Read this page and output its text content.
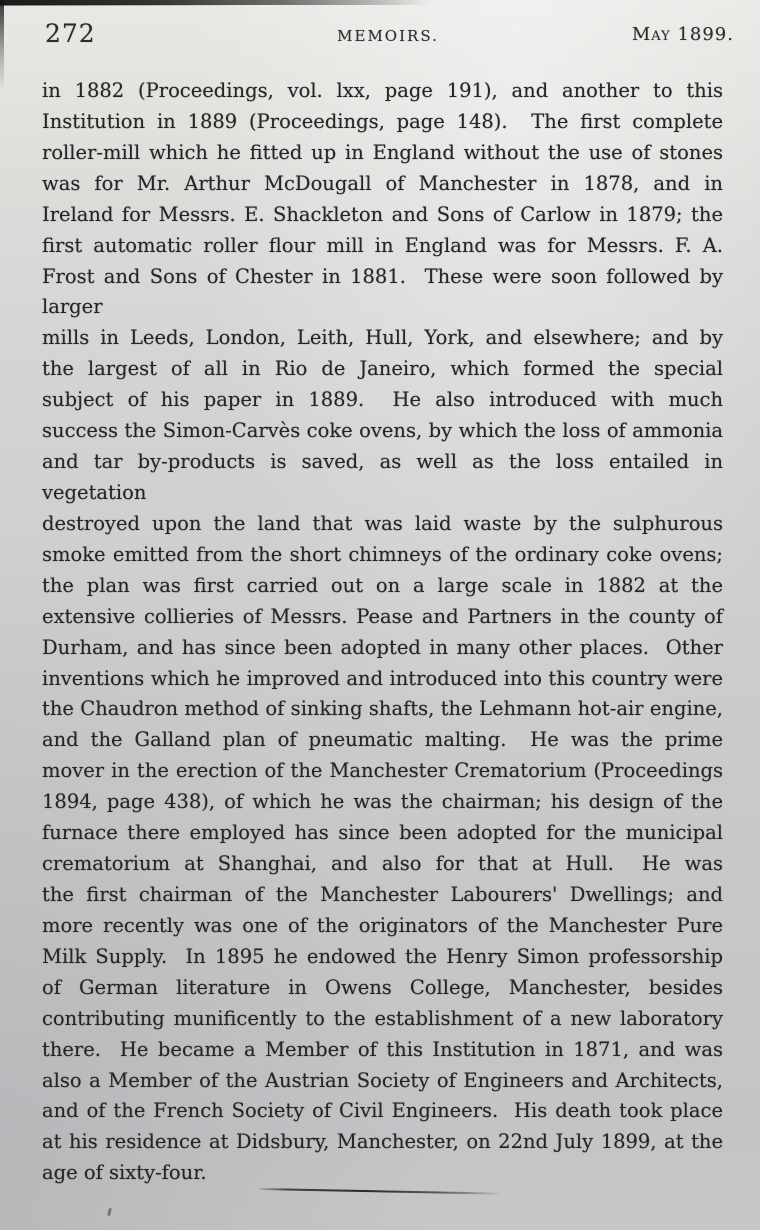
272	MEMOIRS.	May 1899.
in 1882 (Proceedings, vol. lxx, page 191), and another to this
Institution in 1889 (Proceedings, page 148).  The first complete
roller-mill which he fitted up in England without the use of stones
was for Mr. Arthur McDougall of Manchester in 1878, and in
Ireland for Messrs. E. Shackleton and Sons of Carlow in 1879; the
first automatic roller flour mill in England was for Messrs. F. A.
Frost and Sons of Chester in 1881.  These were soon followed by larger
mills in Leeds, London, Leith, Hull, York, and elsewhere; and by
the largest of all in Rio de Janeiro, which formed the special
subject of his paper in 1889.  He also introduced with much
success the Simon-Carvès coke ovens, by which the loss of ammonia
and tar by-products is saved, as well as the loss entailed in vegetation
destroyed upon the land that was laid waste by the sulphurous
smoke emitted from the short chimneys of the ordinary coke ovens;
the plan was first carried out on a large scale in 1882 at the
extensive collieries of Messrs. Pease and Partners in the county of
Durham, and has since been adopted in many other places.  Other
inventions which he improved and introduced into this country were
the Chaudron method of sinking shafts, the Lehmann hot-air engine,
and the Galland plan of pneumatic malting.  He was the prime
mover in the erection of the Manchester Crematorium (Proceedings
1894, page 438), of which he was the chairman; his design of the
furnace there employed has since been adopted for the municipal
crematorium at Shanghai, and also for that at Hull.  He was
the first chairman of the Manchester Labourers' Dwellings; and
more recently was one of the originators of the Manchester Pure
Milk Supply.  In 1895 he endowed the Henry Simon professorship
of German literature in Owens College, Manchester, besides
contributing munificently to the establishment of a new laboratory
there.  He became a Member of this Institution in 1871, and was
also a Member of the Austrian Society of Engineers and Architects,
and of the French Society of Civil Engineers.  His death took place
at his residence at Didsbury, Manchester, on 22nd July 1899, at the
age of sixty-four.
